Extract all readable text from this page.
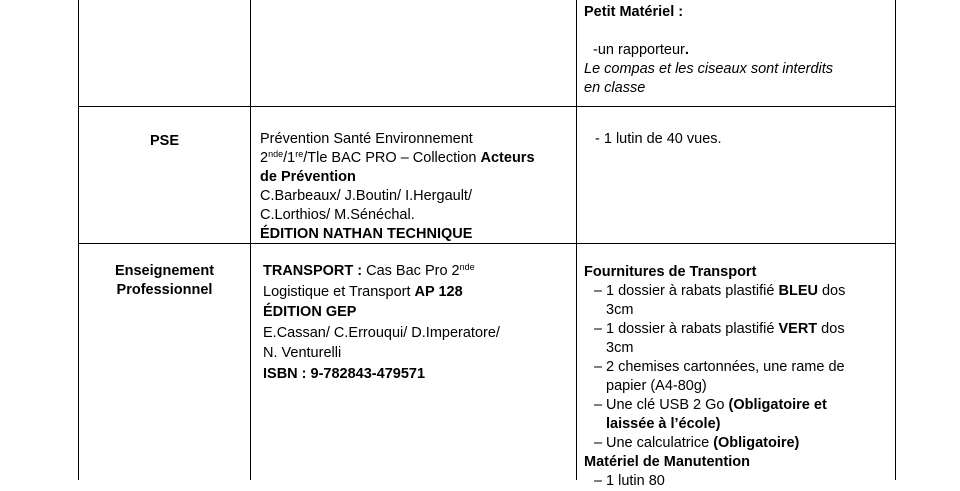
Petit Matériel :
-un rapporteur.
Le compas et les ciseaux sont interdits
en classe
PSE	Prévention Santé Environnement
2nde/1re/Tle BAC PRO – Collection Acteurs
de Prévention
C.Barbeaux/ J.Boutin/ I.Hergault/
C.Lorthios/ M.Sénéchal.
ÉDITION NATHAN TECHNIQUE
- 1 lutin de 40 vues.
Enseignement
Professionnel
TRANSPORT : Cas Bac Pro 2nde
Logistique et Transport AP 128
ÉDITION GEP
E.Cassan/ C.Errouqui/ D.Imperatore/
N. Venturelli
ISBN : 9-782843-479571
Fournitures de Transport
– 1 dossier à rabats plastifié BLEU dos
3cm
– 1 dossier à rabats plastifié VERT dos
3cm
– 2 chemises cartonnées, une rame de
papier (A4-80g)
– Une clé USB 2 Go (Obligatoire et
laissée à l’école)
– Une calculatrice (Obligatoire)
Matériel de Manutention
– 1 lutin 80
